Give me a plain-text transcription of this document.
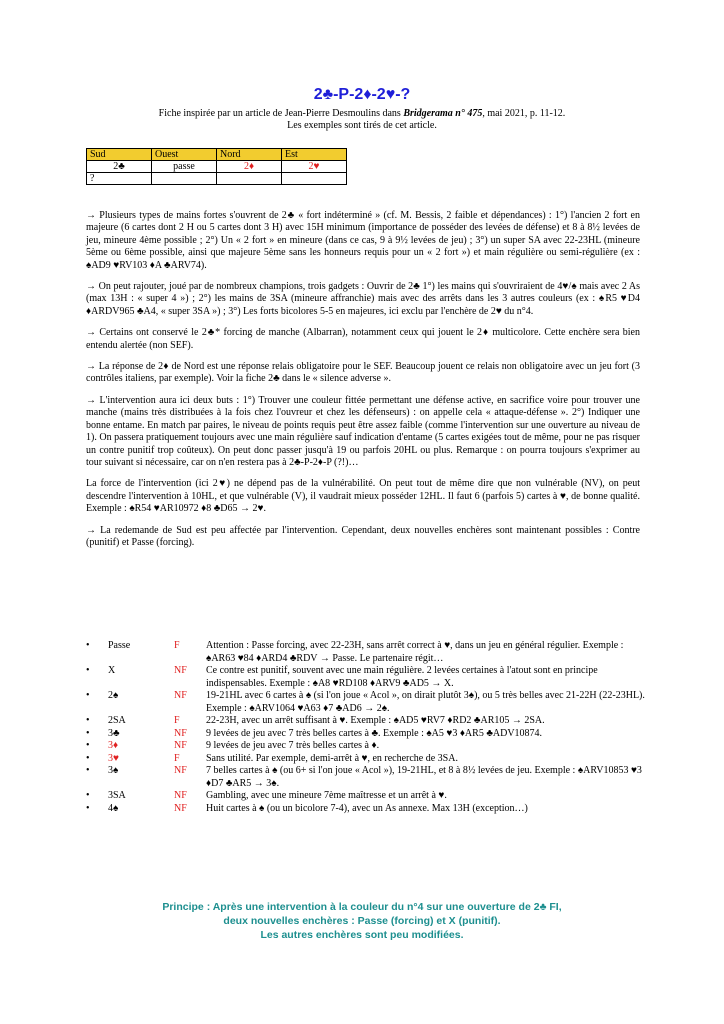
2♣-P-2♦-2♥-?
Fiche inspirée par un article de Jean-Pierre Desmoulins dans Bridgerama n° 475, mai 2021, p. 11-12.
Les exemples sont tirés de cet article.
Sud	Ouest	Nord	Est
2♣	passe	2♦	2♥
?			

→ Plusieurs types de mains fortes s'ouvrent de 2♣ « fort indéterminé » (cf. M. Bessis, 2 faible et dépendances) : 1°) l'ancien 2 fort en majeure (6 cartes dont 2 H ou 5 cartes dont 3 H) avec 15H minimum (importance de posséder des levées de défense) et 8 à 8½ levées de jeu, mineure 4ème possible ; 2°) Un « 2 fort » en mineure (dans ce cas, 9 à 9½ levées de jeu) ; 3°) un super SA avec 22-23HL (mineure 5ème ou 6ème possible, ainsi que majeure 5ème sans les honneurs requis pour un « 2 fort ») et main régulière ou semi-régulière (ex : ♠AD9 ♥RV103 ♦A ♣ARV74).

→ On peut rajouter, joué par de nombreux champions, trois gadgets : Ouvrir de 2♣ 1°) les mains qui s'ouvriraient de 4♥/♠ mais avec 2 As (max 13H : « super 4 ») ; 2°) les mains de 3SA (mineure affranchie) mais avec des arrêts dans les 3 autres couleurs (ex : ♠R5 ♥D4 ♦ARDV965 ♣A4, « super 3SA ») ; 3°) Les forts bicolores 5-5 en majeures, ici exclu par l'enchère de 2♥ du n°4.

→ Certains ont conservé le 2♣* forcing de manche (Albarran), notamment ceux qui jouent le 2♦ multicolore. Cette enchère sera bien entendu alertée (non SEF).

→ La réponse de 2♦ de Nord est une réponse relais obligatoire pour le SEF. Beaucoup jouent ce relais non obligatoire avec un jeu fort (3 contrôles italiens, par exemple). Voir la fiche 2♣ dans le « silence adverse ».

→ L'intervention aura ici deux buts : 1°) Trouver une couleur fittée permettant une défense active, en sacrifice voire pour trouver une manche (mains très distribuées à la fois chez l'ouvreur et chez les défenseurs) : on appelle cela « attaque-défense ». 2°) Indiquer une bonne entame. En match par paires, le niveau de points requis peut être assez faible (comme l'intervention sur une ouverture au niveau de 1). On passera pratiquement toujours avec une main régulière sauf indication d'entame (5 cartes exigées tout de même, pour ne pas risquer un contre punitif trop coûteux). On peut donc passer jusqu'à 19 ou parfois 20HL ou plus. Remarque : on pourra toujours s'exprimer au tour suivant si nécessaire, car on n'en restera pas à 2♣-P-2♦-P (?!)…

La force de l'intervention (ici 2♥) ne dépend pas de la vulnérabilité. On peut tout de même dire que non vulnérable (NV), on peut descendre l'intervention à 10HL, et que vulnérable (V), il vaudrait mieux posséder 12HL. Il faut 6 (parfois 5) cartes à ♥, de bonne qualité. Exemple : ♠R54 ♥AR10972 ♦8 ♣D65 → 2♥.

→ La redemande de Sud est peu affectée par l'intervention. Cependant, deux nouvelles enchères sont maintenant possibles : Contre (punitif) et Passe (forcing).

• Passe	F	Attention : Passe forcing, avec 22-23H, sans arrêt correct à ♥, dans un jeu en général régulier. Exemple : ♠AR63 ♥84 ♦ARD4 ♣RDV → Passe. Le partenaire régit…
• X	NF Ce contre est punitif, souvent avec une main régulière. 2 levées certaines à l'atout sont en principe indispensables. Exemple : ♠A8 ♥RD108 ♦ARV9 ♣AD5 → X.
• 2♠	NF 19-21HL avec 6 cartes à ♠ (si l'on joue « Acol », on dirait plutôt 3♠), ou 5 très belles avec 21-22H (22-23HL). Exemple : ♠ARV1064 ♥A63 ♦7 ♣AD6 → 2♠.
• 2SA	F	22-23H, avec un arrêt suffisant à ♥. Exemple : ♠AD5 ♥RV7 ♦RD2 ♣AR105 → 2SA.
• 3♣	NF 9 levées de jeu avec 7 très belles cartes à ♣. Exemple : ♠A5 ♥3 ♦AR5 ♣ADV10874.
• 3♦	NF 9 levées de jeu avec 7 très belles cartes à ♦.
• 3♥	F	Sans utilité. Par exemple, demi-arrêt à ♥, en recherche de 3SA.
• 3♠	NF 7 belles cartes à ♠ (ou 6+ si l'on joue « Acol »), 19-21HL, et 8 à 8½ levées de jeu. Exemple : ♠ARV10853 ♥3 ♦D7 ♣AR5 → 3♠.
• 3SA	NF Gambling, avec une mineure 7ème maîtresse et un arrêt à ♥.
• 4♠	NF Huit cartes à ♠ (ou un bicolore 7-4), avec un As annexe. Max 13H (exception…)
Principe : Après une intervention à la couleur du n°4 sur une ouverture de 2♣ FI,
deux nouvelles enchères : Passe (forcing) et X (punitif).
Les autres enchères sont peu modifiées.
